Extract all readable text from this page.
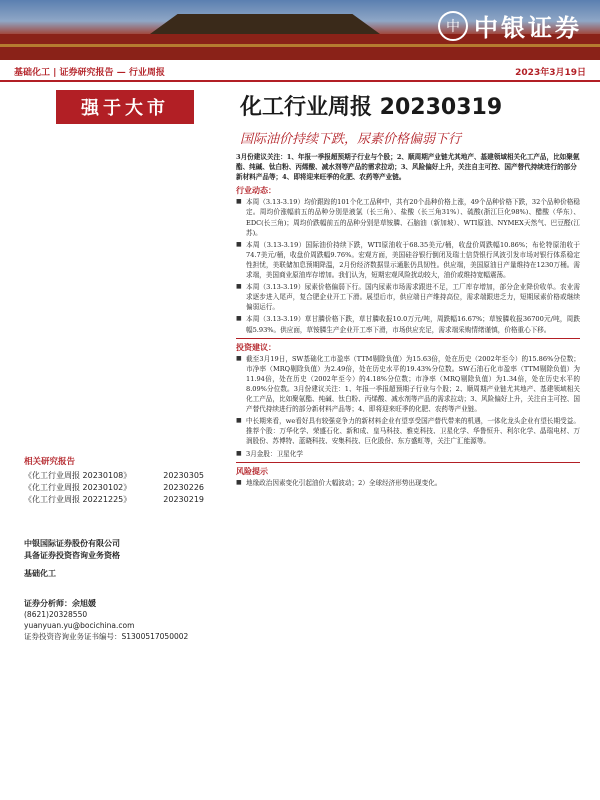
中 中银证券
基础化工 | 证券研究报告 — 行业周报	2023年3月19日
强于大市	化工行业周报 20230319
国际油价持续下跌，尿素价格偏弱下行
3月份建议关注：1、年报一季报超预期子行业与个股；2、顺周期产业链尤其地产、基建领域相关化工产品，比如聚氨酯、纯碱、钛白粉、丙烯酸、减水剂等产品的需求拉动；3、风险偏好上升，关注自主可控、国产替代持续进行的部分新材料产品等；4、即将迎来旺季的化肥、农药等产业链。
行业动态：
■ 本周（3.13-3.19）均价跟踪的101个化工品种中，共有20个品种价格上涨，49个品种价格下跌，32个品种价格稳定。周均价涨幅前五的品种分别是液氯（长三角）、盐酸（长三角31%）、硫酸(浙江巨化98%)、醋酸（华东）、EDC(长三角)；周均价跌幅前五的品种分别是草铵膦、石脑油（新加坡）、WTI原油、NYMEX天然气、巴豆醛(江苏)。
■ 本周（3.13-3.19）国际油价持续下跌，WTI原油收于68.35美元/桶，收盘价周跌幅10.86%；布伦特原油收于74.7美元/桶，收盘价周跌幅9.76%。宏观方面，美国硅谷银行倒闭及瑞士信贷银行风波引发市场对银行体系稳定性担忧，美联储加息预期降温，2月份经济数据显示通胀仍具韧性。供应端，美国原油日产量维持在1230万桶。需求端，美国商业原油库存增加。我们认为，短期宏观风险扰动较大，油价或维持宽幅震荡。
■ 本周（3.13-3.19）尿素价格偏弱下行。国内尿素市场需求跟进不足，工厂库存增加，部分企业降价收单。农业需求逐步进入尾声，复合肥企业开工下滑。展望后市，供应端日产维持高位，需求端跟进乏力，短期尿素价格或继续偏弱运行。
■ 本周（3.13-3.19）草甘膦价格下跌，草甘膦收报10.0万元/吨，周跌幅16.67%；草铵膦收报36700元/吨，周跌幅5.93%。供应面，草铵膦生产企业开工率下滑，市场供应充足，需求端采购情绪谨慎，价格重心下移。
投资建议：
■ 截至3月19日，SW基础化工市盈率（TTM剔除负值）为15.63倍，处在历史（2002年至今）的15.86%分位数；市净率（MRQ剔除负值）为2.49倍，处在历史水平的19.43%分位数。SW石油石化市盈率（TTM剔除负值）为11.94倍，处在历史（2002年至今）的4.18%分位数；市净率（MRQ剔除负值）为1.34倍，处在历史水平的8.09%分位数。3月份建议关注：1、年报一季报超预期子行业与个股；2、顺周期产业链尤其地产、基建领域相关化工产品，比如聚氨酯、纯碱、钛白粉、丙烯酸、减水剂等产品的需求拉动；3、风险偏好上升，关注自主可控、国产替代持续进行的部分新材料产品等；4、即将迎来旺季的化肥、农药等产业链。
■ 中长期来看，we看好具有较强竞争力的新材料企业有望享受国产替代带来的机遇，一体化龙头企业有望长期受益。推荐个股：万华化学、荣盛石化、新和成、皇马科技、雅克科技、卫星化学、华鲁恒升、利尔化学、晶瑞电材、万润股份、苏博特、蓝晓科技、安集科技、巨化股份、东方盛虹等，关注广汇能源等。
■ 3月金股：卫星化学
风险提示
■ 地缘政治因素变化引起油价大幅波动；2）全球经济形势出现变化。
相关研究报告
《化工行业周报 20230108》	20230305
《化工行业周报 20230102》	20230226
《化工行业周报 20221225》	20230219
中银国际证券股份有限公司
具备证券投资咨询业务资格
基础化工
证券分析师：余旭媛
(8621)20328550
yuanyuan.yu@bocichina.com
证券投资咨询业务证书编号：S1300517050002
